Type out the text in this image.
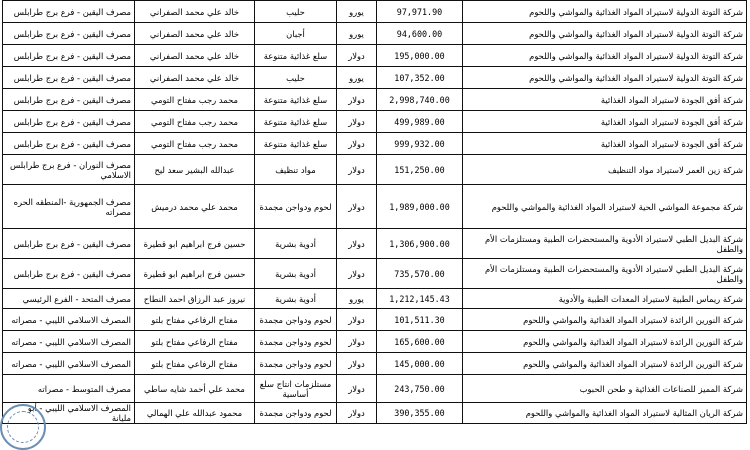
شركة التوتة الدولية لاستيراد المواد الغذائية والمواشي واللحوم	97,971.90	يورو	حليب	خالد علي محمد الصفراني	مصرف اليقين - فرع برج طرابلس
شركة التوتة الدولية لاستيراد المواد الغذائية والمواشي واللحوم	94,600.00	يورو	أجبان	خالد علي محمد الصفراني	مصرف اليقين - فرع برج طرابلس
شركة التوتة الدولية لاستيراد المواد الغذائية والمواشي واللحوم	195,000.00	دولار	سلع غذائية متنوعة	خالد علي محمد الصفراني	مصرف اليقين - فرع برج طرابلس
شركة التوتة الدولية لاستيراد المواد الغذائية والمواشي واللحوم	107,352.00	يورو	حليب	خالد علي محمد الصفراني	مصرف اليقين - فرع برج طرابلس
شركة أفق الجودة لاستيراد المواد الغذائية	2,998,740.00	دولار	سلع غذائية متنوعة	محمد رجب مفتاح التومي	مصرف اليقين - فرع برج طرابلس
شركة أفق الجودة لاستيراد المواد الغذائية	499,989.00	دولار	سلع غذائية متنوعة	محمد رجب مفتاح التومي	مصرف اليقين - فرع برج طرابلس
شركة أفق الجودة لاستيراد المواد الغذائية	999,932.00	دولار	سلع غذائية متنوعة	محمد رجب مفتاح التومي	مصرف اليقين - فرع برج طرابلس
شركة زين العمر لاستيراد مواد التنظيف	151,250.00	دولار	مواد تنظيف	عبدالله البشير سعد ليح	مصرف النوران - فرع برج طرابلس الاسلامي
شركة مجموعة المواشي الحية لاستيراد المواد الغذائية والمواشي واللحوم	1,989,000.00	دولار	لحوم ودواجن مجمدة	محمد علي محمد درميش	مصرف الجمهورية -المنطقه الحره مصراته
شركة البديل الطبي لاستيراد الأدوية والمستحضرات الطبية ومستلزمات الأم والطفل	1,306,900.00	دولار	أدوية بشرية	حسين فرج ابراهيم ابو قطيرة	مصرف اليقين - فرع برج طرابلس
شركة البديل الطبي لاستيراد الأدوية والمستحضرات الطبية ومستلزمات الأم والطفل	735,570.00	دولار	أدوية بشرية	حسين فرج ابراهيم ابو قطيرة	مصرف اليقين - فرع برج طرابلس
شركة ريماس الطبية لاستيراد المعدات الطبية والأدوية	1,212,145.43	يورو	أدوية بشرية	نيروز عبد الرزاق احمد النطاح	مصرف المتحد - الفرع الرئيسي
شركة النورين الرائدة لاستيراد المواد الغذائية والمواشي واللحوم	101,511.30	دولار	لحوم ودواجن مجمدة	مفتاح الرفاعي مفتاح بلتو	المصرف الاسلامي الليبي - مصراته
شركة النورين الرائدة لاستيراد المواد الغذائية والمواشي واللحوم	165,600.00	دولار	لحوم ودواجن مجمدة	مفتاح الرفاعي مفتاح بلتو	المصرف الاسلامي الليبي - مصراته
شركة النورين الرائدة لاستيراد المواد الغذائية والمواشي واللحوم	145,000.00	دولار	لحوم ودواجن مجمدة	مفتاح الرفاعي مفتاح بلتو	المصرف الاسلامي الليبي - مصراته
شركة المميز للصناعات الغذائية و طحن الحبوب	243,750.00	دولار	مستلزمات انتاج سلع أساسية	محمد علي أحمد شايه ساطي	مصرف المتوسط - مصراته
شركة الريان المثالية لاستيراد المواد الغذائية والمواشي واللحوم	390,355.00	دولار	لحوم ودواجن مجمدة	محمود عبدالله علي الهمالي	المصرف الاسلامي الليبي - أبو مليانة
